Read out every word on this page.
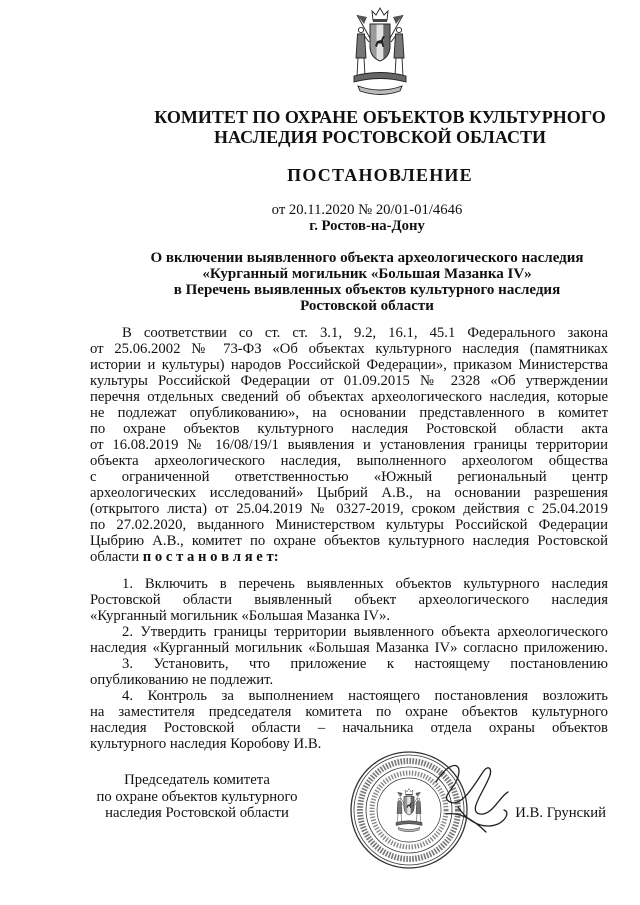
КОМИТЕТ ПО ОХРАНЕ ОБЪЕКТОВ КУЛЬТУРНОГО
НАСЛЕДИЯ РОСТОВСКОЙ ОБЛАСТИ
ПОСТАНОВЛЕНИЕ
от 20.11.2020 № 20/01-01/4646
г. Ростов-на-Дону
О включении выявленного объекта археологического наследия
«Курганный могильник «Большая Мазанка IV»
в Перечень выявленных объектов культурного наследия
Ростовской области
В соответствии со ст. ст. 3.1, 9.2, 16.1, 45.1 Федерального закона
от 25.06.2002 № 73-ФЗ «Об объектах культурного наследия (памятниках
истории и культуры) народов Российской Федерации», приказом Министерства
культуры Российской Федерации от 01.09.2015 № 2328 «Об утверждении
перечня отдельных сведений об объектах археологического наследия, которые
не подлежат опубликованию», на основании представленного в комитет
по охране объектов культурного наследия Ростовской области акта
от 16.08.2019 № 16/08/19/1 выявления и установления границы территории
объекта археологического наследия, выполненного археологом общества
с ограниченной ответственностью «Южный региональный центр
археологических исследований» Цыбрий А.В., на основании разрешения
(открытого листа) от 25.04.2019 № 0327-2019, сроком действия с 25.04.2019
по 27.02.2020, выданного Министерством культуры Российской Федерации
Цыбрию А.В., комитет по охране объектов культурного наследия Ростовской
области п о с т а н о в л я е т:
1. Включить в перечень выявленных объектов культурного наследия
Ростовской области выявленный объект археологического наследия
«Курганный могильник «Большая Мазанка IV».
2. Утвердить границы территории выявленного объекта археологического
наследия «Курганный могильник «Большая Мазанка IV» согласно приложению.
3. Установить, что приложение к настоящему постановлению
опубликованию не подлежит.
4. Контроль за выполнением настоящего постановления возложить
на заместителя председателя комитета по охране объектов культурного
наследия Ростовской области – начальника отдела охраны объектов
культурного наследия Коробову И.В.
Председатель комитета
по охране объектов культурного
наследия Ростовской области	И.В. Грунский
